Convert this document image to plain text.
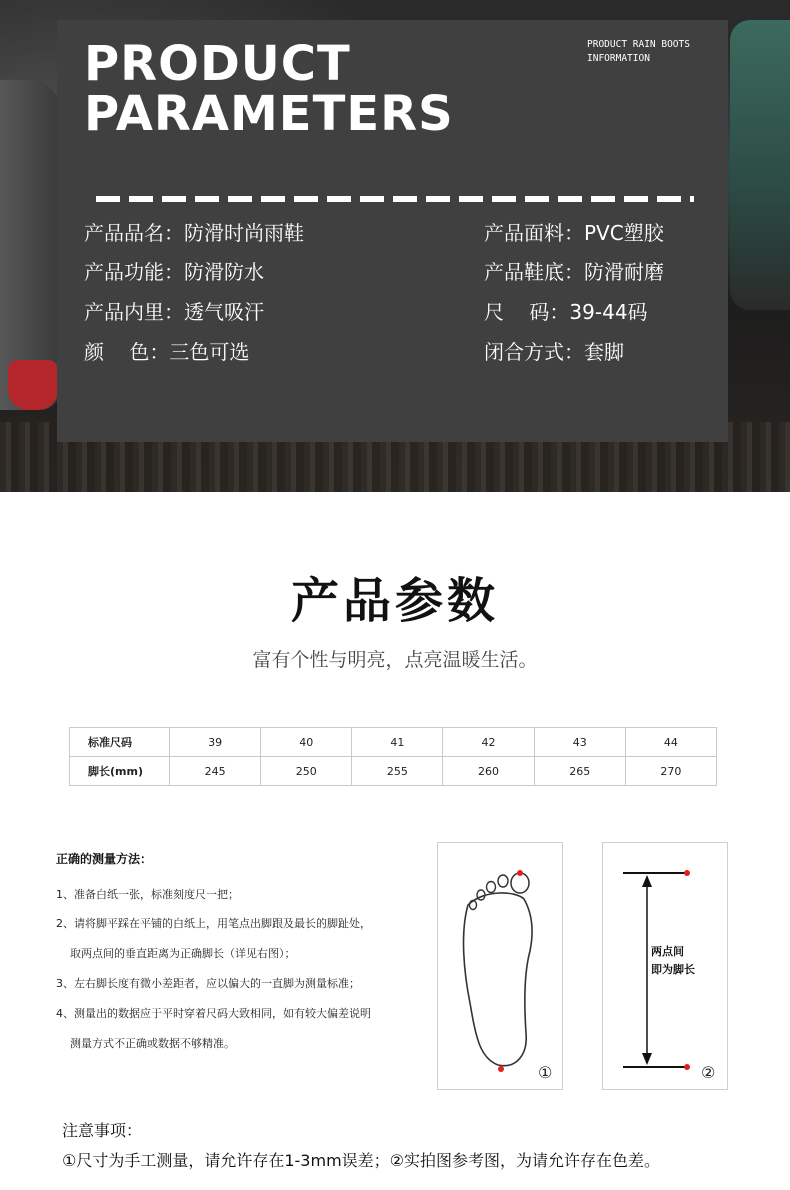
PRODUCT
PARAMETERS
PRODUCT RAIN BOOTS
INFORMATION
产品品名：防滑时尚雨鞋
产品功能：防滑防水
产品内里：透气吸汗
颜    色：三色可选
产品面料：PVC塑胶
产品鞋底：防滑耐磨
尺    码：39-44码
闭合方式：套脚
产品参数
富有个性与明亮，点亮温暖生活。
标准尺码	39	40	41	42	43	44
脚长(mm)	245	250	255	260	265	270
正确的测量方法：
1、准备白纸一张，标准刻度尺一把；
2、请将脚平踩在平铺的白纸上，用笔点出脚跟及最长的脚趾处，
取两点间的垂直距离为正确脚长（详见右图）；
3、左右脚长度有微小差距者，应以偏大的一直脚为测量标准；
4、测量出的数据应于平时穿着尺码大致相同，如有较大偏差说明
测量方式不正确或数据不够精准。
①
两点间
即为脚长
②
注意事项：
①尺寸为手工测量，请允许存在1-3mm误差；②实拍图参考图，为请允许存在色差。
